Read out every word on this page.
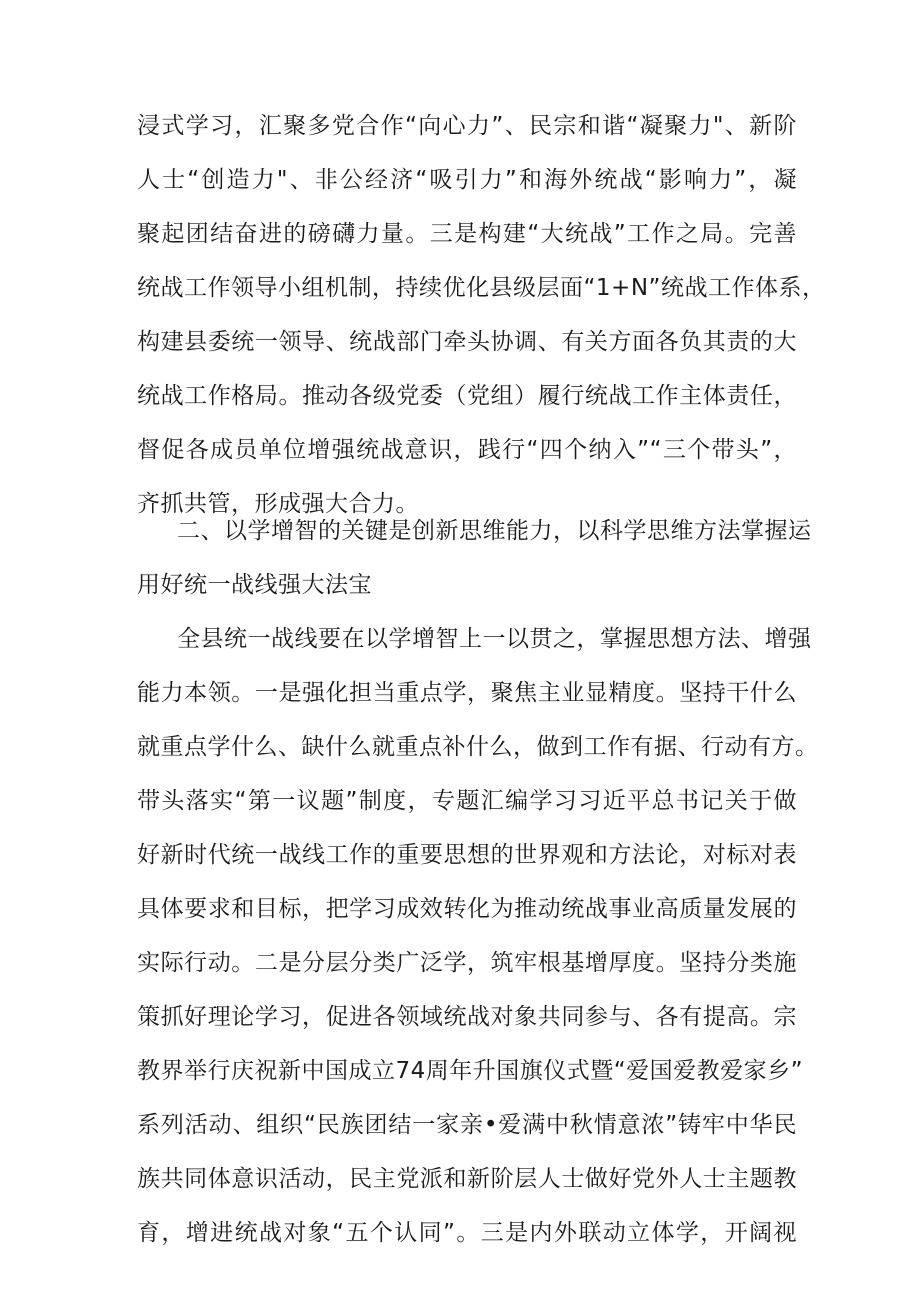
浸式学习，汇聚多党合作“向心力”、民宗和谐“凝聚力"、新阶
人士“创造力"、非公经济“吸引力”和海外统战“影响力”，凝
聚起团结奋进的磅礴力量。三是构建“大统战”工作之局。完善
统战工作领导小组机制，持续优化县级层面“1+N”统战工作体系，
构建县委统一领导、统战部门牵头协调、有关方面各负其责的大
统战工作格局。推动各级党委（党组）履行统战工作主体责任，
督促各成员单位增强统战意识，践行“四个纳入”“三个带头”，
齐抓共管，形成强大合力。
二、以学增智的关键是创新思维能力，以科学思维方法掌握运
用好统一战线强大法宝
全县统一战线要在以学增智上一以贯之，掌握思想方法、增强
能力本领。一是强化担当重点学，聚焦主业显精度。坚持干什么
就重点学什么、缺什么就重点补什么，做到工作有据、行动有方。
带头落实“第一议题”制度，专题汇编学习习近平总书记关于做
好新时代统一战线工作的重要思想的世界观和方法论，对标对表
具体要求和目标，把学习成效转化为推动统战事业高质量发展的
实际行动。二是分层分类广泛学，筑牢根基增厚度。坚持分类施
策抓好理论学习，促进各领域统战对象共同参与、各有提高。宗
教界举行庆祝新中国成立74周年升国旗仪式暨“爱国爱教爱家乡”
系列活动、组织“民族团结一家亲•爱满中秋情意浓”铸牢中华民
族共同体意识活动，民主党派和新阶层人士做好党外人士主题教
育，增进统战对象“五个认同”。三是内外联动立体学，开阔视
